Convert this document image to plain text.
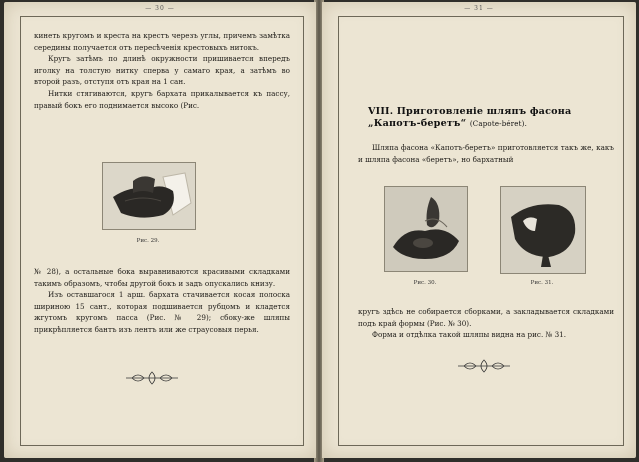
— 30 —

кинеть кругомъ и креста на крестъ черезъ углы, причемъ замѣтка середины получается отъ пересѣченія крестовыхъ нитокъ.

Кругъ затѣмъ по длинѣ окружности пришивается впередъ иголку на толстую нитку сперва у самаго края, а затѣмъ во второй разъ, отступя отъ края на 1 сан.

Нитки стягиваются, кругъ бархата прикалывается къ пассу, правый бокъ его поднимается высоко (Рис.

Рис. 29.

№ 28), а остальные бока выравниваются красивыми складками такимъ образомъ, чтобы другой бокъ и задъ опускались книзу.

Изъ оставшагося 1 арш. бархата стачивается косая полоска шириною 15 сант., которая подшивается рубцомъ и кладется жгутомъ кругомъ пасса (Рис. № 29); сбоку-же шляпы прикрѣпляется бантъ изъ лентъ или же страусовыя перья.

— 31 —
VIII. Приготовленіе шляпъ фасона „Капотъ-беретъ“ (Capote-béret).

Шляпа фасона «Капотъ-беретъ» приготовляется такъ же, какъ и шляпа фасона «беретъ», но бархатный

Рис. 30.	Рис. 31.

кругъ здѣсь не собирается сборками, а закладывается складками подъ край формы (Рис. № 30).

Форма и отдѣлка такой шляпы видна на рис. № 31.
